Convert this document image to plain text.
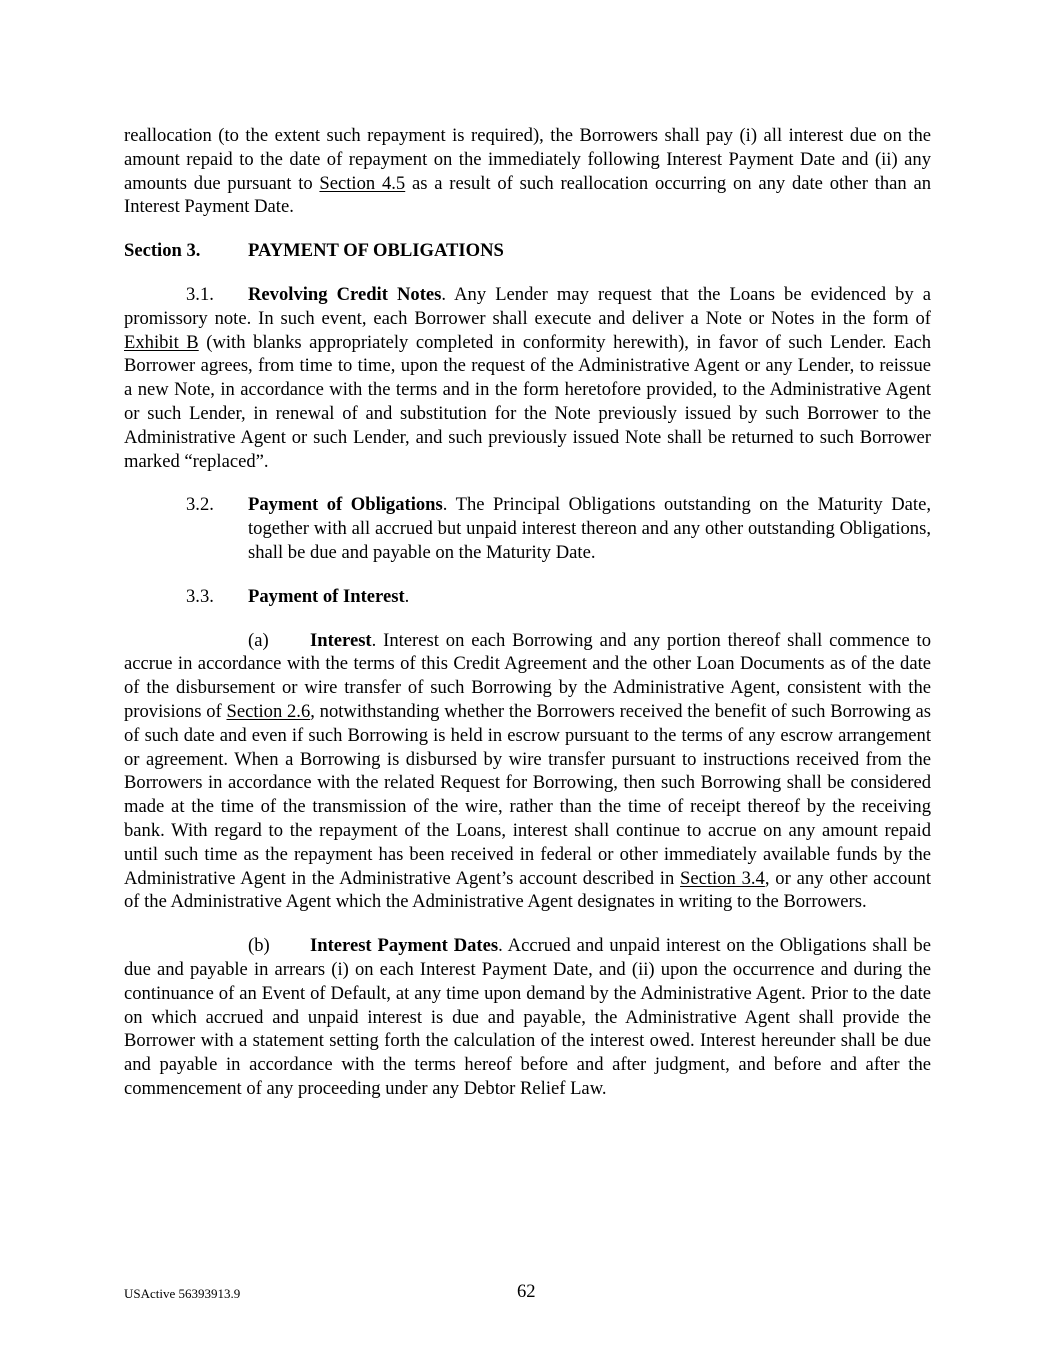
reallocation (to the extent such repayment is required), the Borrowers shall pay (i) all interest due on the amount repaid to the date of repayment on the immediately following Interest Payment Date and (ii) any amounts due pursuant to Section 4.5 as a result of such reallocation occurring on any date other than an Interest Payment Date.

Section 3.	PAYMENT OF OBLIGATIONS

3.1. Revolving Credit Notes. Any Lender may request that the Loans be evidenced by a promissory note. In such event, each Borrower shall execute and deliver a Note or Notes in the form of Exhibit B (with blanks appropriately completed in conformity herewith), in favor of such Lender. Each Borrower agrees, from time to time, upon the request of the Administrative Agent or any Lender, to reissue a new Note, in accordance with the terms and in the form heretofore provided, to the Administrative Agent or such Lender, in renewal of and substitution for the Note previously issued by such Borrower to the Administrative Agent or such Lender, and such previously issued Note shall be returned to such Borrower marked “replaced”.

3.2.	Payment of Obligations. The Principal Obligations outstanding on the Maturity Date, together with all accrued but unpaid interest thereon and any other outstanding Obligations, shall be due and payable on the Maturity Date.
3.3.	Payment of Interest.

(a) Interest. Interest on each Borrowing and any portion thereof shall commence to accrue in accordance with the terms of this Credit Agreement and the other Loan Documents as of the date of the disbursement or wire transfer of such Borrowing by the Administrative Agent, consistent with the provisions of Section 2.6, notwithstanding whether the Borrowers received the benefit of such Borrowing as of such date and even if such Borrowing is held in escrow pursuant to the terms of any escrow arrangement or agreement. When a Borrowing is disbursed by wire transfer pursuant to instructions received from the Borrowers in accordance with the related Request for Borrowing, then such Borrowing shall be considered made at the time of the transmission of the wire, rather than the time of receipt thereof by the receiving bank. With regard to the repayment of the Loans, interest shall continue to accrue on any amount repaid until such time as the repayment has been received in federal or other immediately available funds by the Administrative Agent in the Administrative Agent’s account described in Section 3.4, or any other account of the Administrative Agent which the Administrative Agent designates in writing to the Borrowers.

(b) Interest Payment Dates. Accrued and unpaid interest on the Obligations shall be due and payable in arrears (i) on each Interest Payment Date, and (ii) upon the occurrence and during the continuance of an Event of Default, at any time upon demand by the Administrative Agent. Prior to the date on which accrued and unpaid interest is due and payable, the Administrative Agent shall provide the Borrower with a statement setting forth the calculation of the interest owed. Interest hereunder shall be due and payable in accordance with the terms hereof before and after judgment, and before and after the commencement of any proceeding under any Debtor Relief Law.

USActive 56393913.9	62
